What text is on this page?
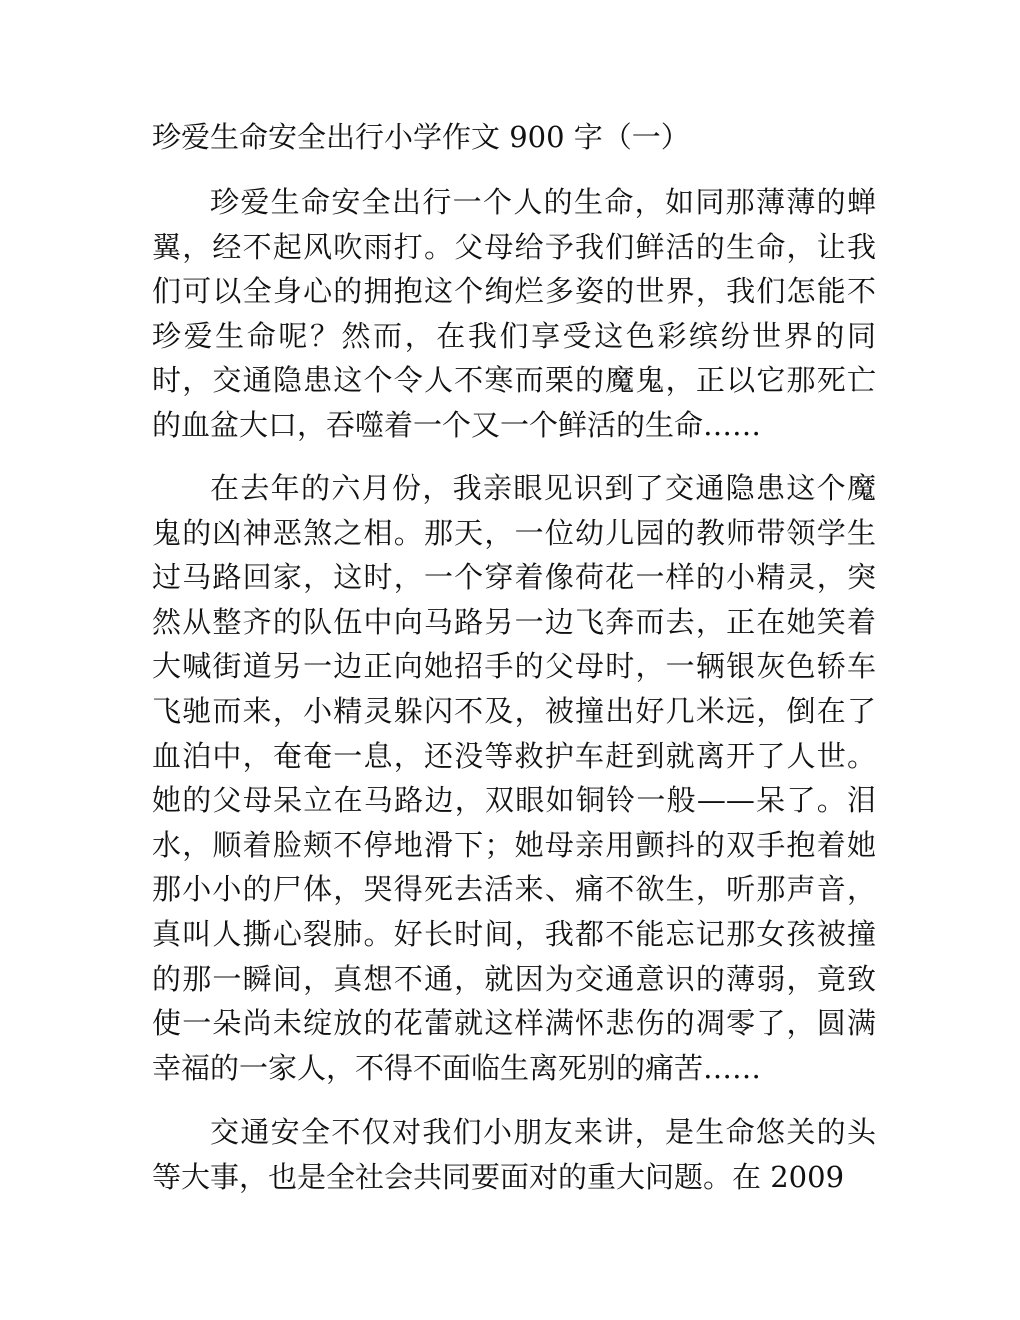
珍爱生命安全出行小学作文 900 字（一）

珍爱生命安全出行一个人的生命，如同那薄薄的蝉翼，经不起风吹雨打。父母给予我们鲜活的生命，让我们可以全身心的拥抱这个绚烂多姿的世界，我们怎能不珍爱生命呢？然而，在我们享受这色彩缤纷世界的同时，交通隐患这个令人不寒而栗的魔鬼，正以它那死亡的血盆大口，吞噬着一个又一个鲜活的生命……

在去年的六月份，我亲眼见识到了交通隐患这个魔鬼的凶神恶煞之相。那天，一位幼儿园的教师带领学生过马路回家，这时，一个穿着像荷花一样的小精灵，突然从整齐的队伍中向马路另一边飞奔而去，正在她笑着大喊街道另一边正向她招手的父母时，一辆银灰色轿车飞驰而来，小精灵躲闪不及，被撞出好几米远，倒在了血泊中，奄奄一息，还没等救护车赶到就离开了人世。她的父母呆立在马路边，双眼如铜铃一般——呆了。泪水，顺着脸颊不停地滑下；她母亲用颤抖的双手抱着她那小小的尸体，哭得死去活来、痛不欲生，听那声音，真叫人撕心裂肺。好长时间，我都不能忘记那女孩被撞的那一瞬间，真想不通，就因为交通意识的薄弱，竟致使一朵尚未绽放的花蕾就这样满怀悲伤的凋零了，圆满幸福的一家人，不得不面临生离死别的痛苦……

交通安全不仅对我们小朋友来讲，是生命悠关的头等大事，也是全社会共同要面对的重大问题。在 2009
